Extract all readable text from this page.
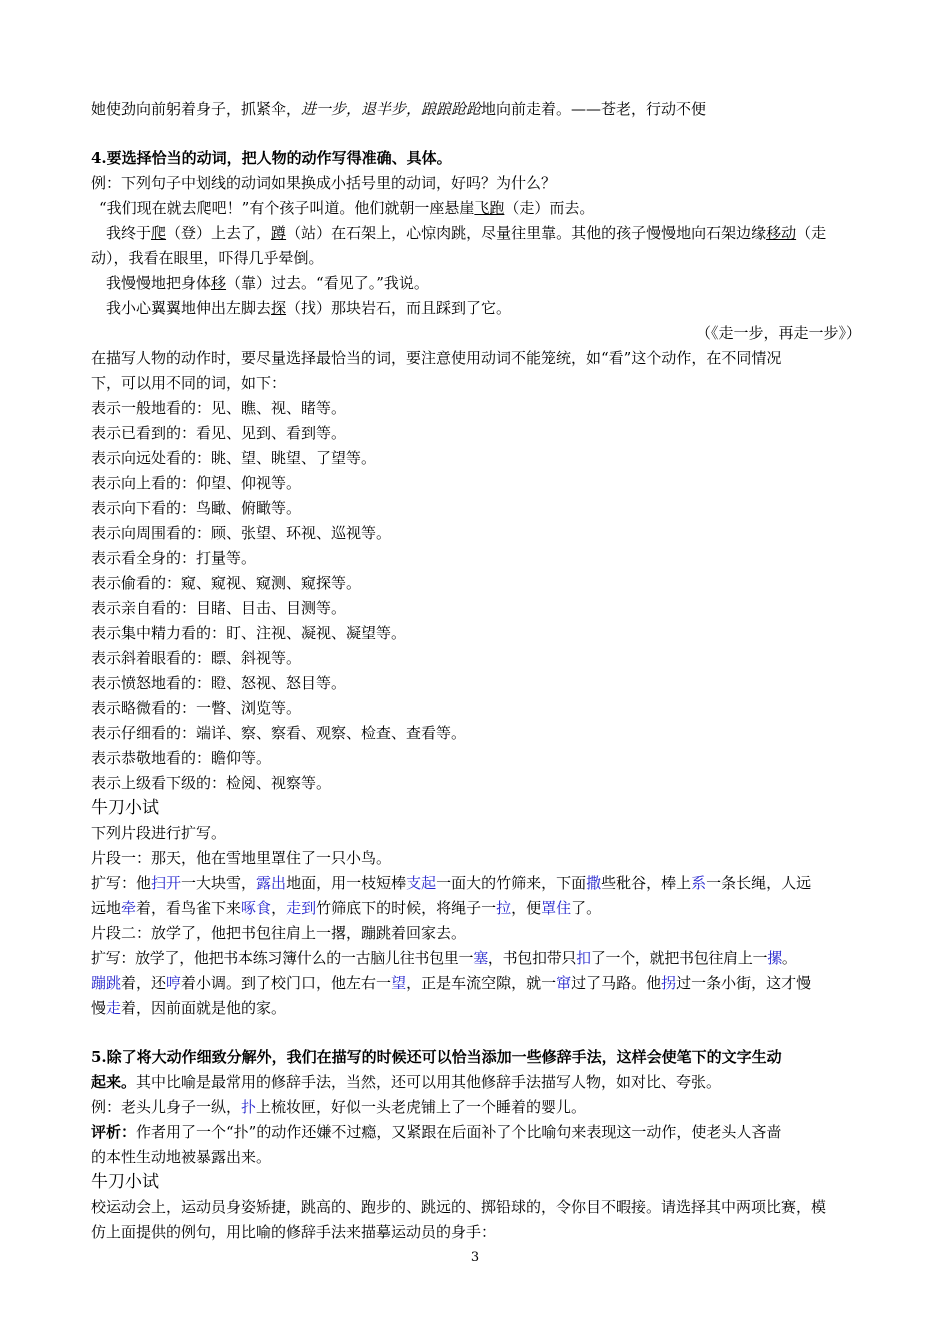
她使劲向前躬着身子，抓紧伞，进一步，退半步，踉踉跄跄地向前走着。——苍老，行动不便
4.要选择恰当的动词，把人物的动作写得准确、具体。
例：下列句子中划线的动词如果换成小括号里的动词，好吗？为什么？
“我们现在就去爬吧！”有个孩子叫道。他们就朝一座悬崖飞跑（走）而去。
我终于爬（登）上去了，蹲（站）在石架上，心惊肉跳，尽量往里靠。其他的孩子慢慢地向石架边缘移动（走
动），我看在眼里，吓得几乎晕倒。
我慢慢地把身体移（靠）过去。“看见了。”我说。
我小心翼翼地伸出左脚去探（找）那块岩石，而且踩到了它。
（《走一步，再走一步》）
在描写人物的动作时，要尽量选择最恰当的词，要注意使用动词不能笼统，如“看”这个动作，在不同情况
下，可以用不同的词，如下：
表示一般地看的：见、瞧、视、睹等。
表示已看到的：看见、见到、看到等。
表示向远处看的：眺、望、眺望、了望等。
表示向上看的：仰望、仰视等。
表示向下看的：鸟瞰、俯瞰等。
表示向周围看的：顾、张望、环视、巡视等。
表示看全身的：打量等。
表示偷看的：窥、窥视、窥测、窥探等。
表示亲自看的：目睹、目击、目测等。
表示集中精力看的：盯、注视、凝视、凝望等。
表示斜着眼看的：瞟、斜视等。
表示愤怒地看的：瞪、怒视、怒目等。
表示略微看的：一瞥、浏览等。
表示仔细看的：端详、察、察看、观察、检查、查看等。
表示恭敬地看的：瞻仰等。
表示上级看下级的：检阅、视察等。
牛刀小试
下列片段进行扩写。
片段一：那天，他在雪地里罩住了一只小鸟。
扩写：他扫开一大块雪，露出地面，用一枝短棒支起一面大的竹筛来，下面撒些秕谷，棒上系一条长绳，人远
远地牵着，看鸟雀下来啄食，走到竹筛底下的时候，将绳子一拉，便罩住了。
片段二：放学了，他把书包往肩上一撂，蹦跳着回家去。
扩写：放学了，他把书本练习簿什么的一古脑儿往书包里一塞，书包扣带只扣了一个，就把书包往肩上一摞。
蹦跳着，还哼着小调。到了校门口，他左右一望，正是车流空隙，就一窜过了马路。他拐过一条小街，这才慢
慢走着，因前面就是他的家。
5.除了将大动作细致分解外，我们在描写的时候还可以恰当添加一些修辞手法，这样会使笔下的文字生动
起来。其中比喻是最常用的修辞手法，当然，还可以用其他修辞手法描写人物，如对比、夸张。
例：老头儿身子一纵，扑上梳妆匣，好似一头老虎铺上了一个睡着的婴儿。
评析：作者用了一个“扑”的动作还嫌不过瘾，又紧跟在后面补了个比喻句来表现这一动作，使老头人吝啬
的本性生动地被暴露出来。
牛刀小试
校运动会上，运动员身姿矫捷，跳高的、跑步的、跳远的、掷铅球的，令你目不暇接。请选择其中两项比赛，模
仿上面提供的例句，用比喻的修辞手法来描摹运动员的身手：
3
